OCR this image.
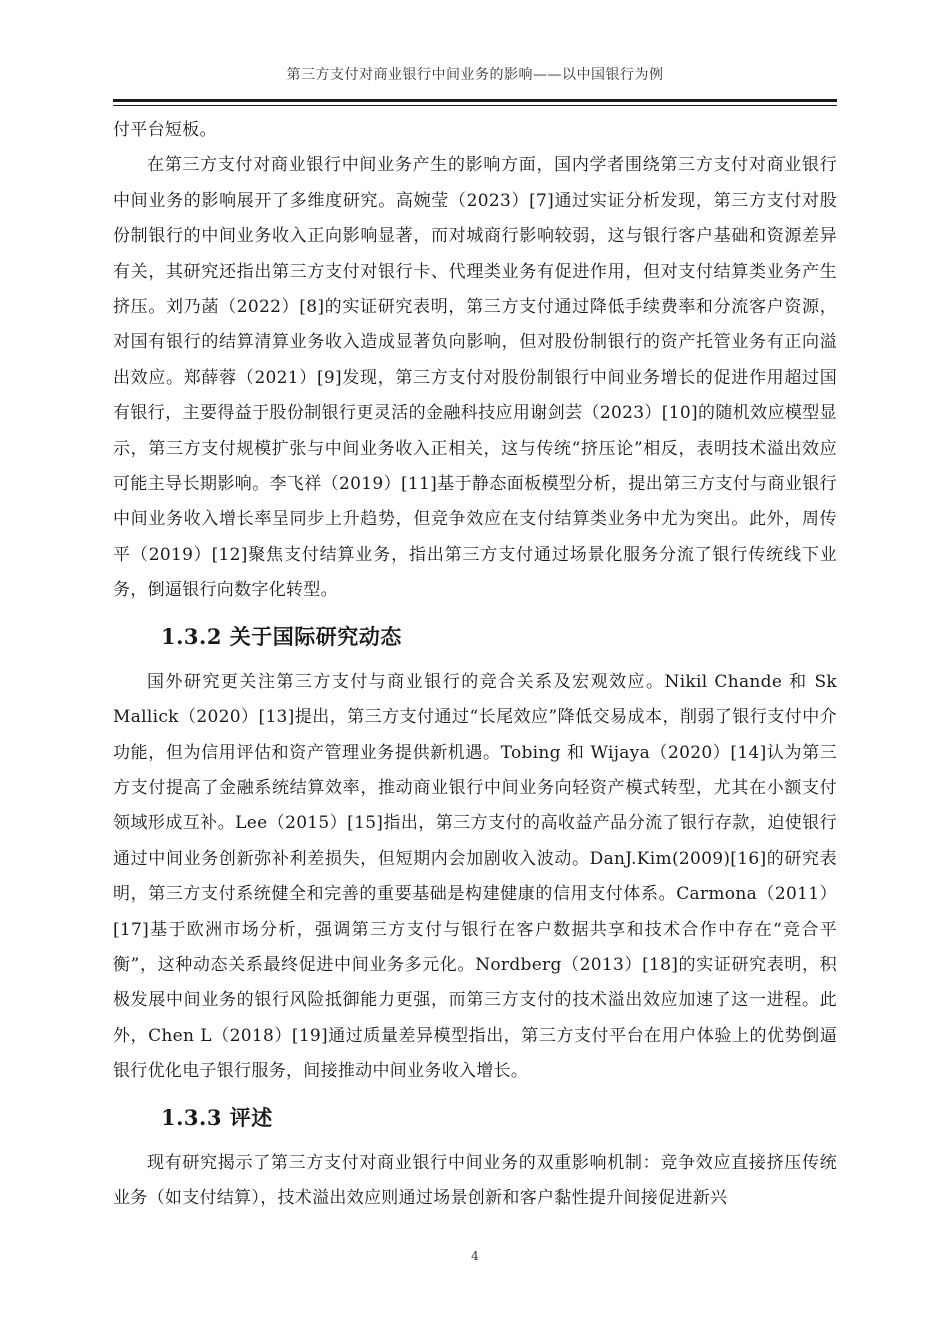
第三方支付对商业银行中间业务的影响——以中国银行为例

付平台短板。

在第三方支付对商业银行中间业务产生的影响方面，国内学者围绕第三方支付对商业银行中间业务的影响展开了多维度研究。高婉莹（2023）[7]通过实证分析发现，第三方支付对股份制银行的中间业务收入正向影响显著，而对城商行影响较弱，这与银行客户基础和资源差异有关，其研究还指出第三方支付对银行卡、代理类业务有促进作用，但对支付结算类业务产生挤压。刘乃菡（2022）[8]的实证研究表明，第三方支付通过降低手续费率和分流客户资源，对国有银行的结算清算业务收入造成显著负向影响，但对股份制银行的资产托管业务有正向溢出效应。郑薛蓉（2021）[9]发现，第三方支付对股份制银行中间业务增长的促进作用超过国有银行，主要得益于股份制银行更灵活的金融科技应用谢剑芸（2023）[10]的随机效应模型显示，第三方支付规模扩张与中间业务收入正相关，这与传统“挤压论”相反，表明技术溢出效应可能主导长期影响。李飞祥（2019）[11]基于静态面板模型分析，提出第三方支付与商业银行中间业务收入增长率呈同步上升趋势，但竞争效应在支付结算类业务中尤为突出。此外，周传平（2019）[12]聚焦支付结算业务，指出第三方支付通过场景化服务分流了银行传统线下业务，倒逼银行向数字化转型。

1.3.2 关于国际研究动态

国外研究更关注第三方支付与商业银行的竞合关系及宏观效应。Nikil Chande 和 Sk Mallick（2020）[13]提出，第三方支付通过“长尾效应”降低交易成本，削弱了银行支付中介功能，但为信用评估和资产管理业务提供新机遇。Tobing 和 Wijaya（2020）[14]认为第三方支付提高了金融系统结算效率，推动商业银行中间业务向轻资产模式转型，尤其在小额支付领域形成互补。Lee（2015）[15]指出，第三方支付的高收益产品分流了银行存款，迫使银行通过中间业务创新弥补利差损失，但短期内会加剧收入波动。DanJ.Kim(2009)[16]的研究表明，第三方支付系统健全和完善的重要基础是构建健康的信用支付体系。Carmona（2011）[17]基于欧洲市场分析，强调第三方支付与银行在客户数据共享和技术合作中存在“竞合平衡”，这种动态关系最终促进中间业务多元化。Nordberg（2013）[18]的实证研究表明，积极发展中间业务的银行风险抵御能力更强，而第三方支付的技术溢出效应加速了这一进程。此外，Chen L（2018）[19]通过质量差异模型指出，第三方支付平台在用户体验上的优势倒逼银行优化电子银行服务，间接推动中间业务收入增长。

1.3.3 评述

现有研究揭示了第三方支付对商业银行中间业务的双重影响机制：竞争效应直接挤压传统业务（如支付结算），技术溢出效应则通过场景创新和客户黏性提升间接促进新兴

4
